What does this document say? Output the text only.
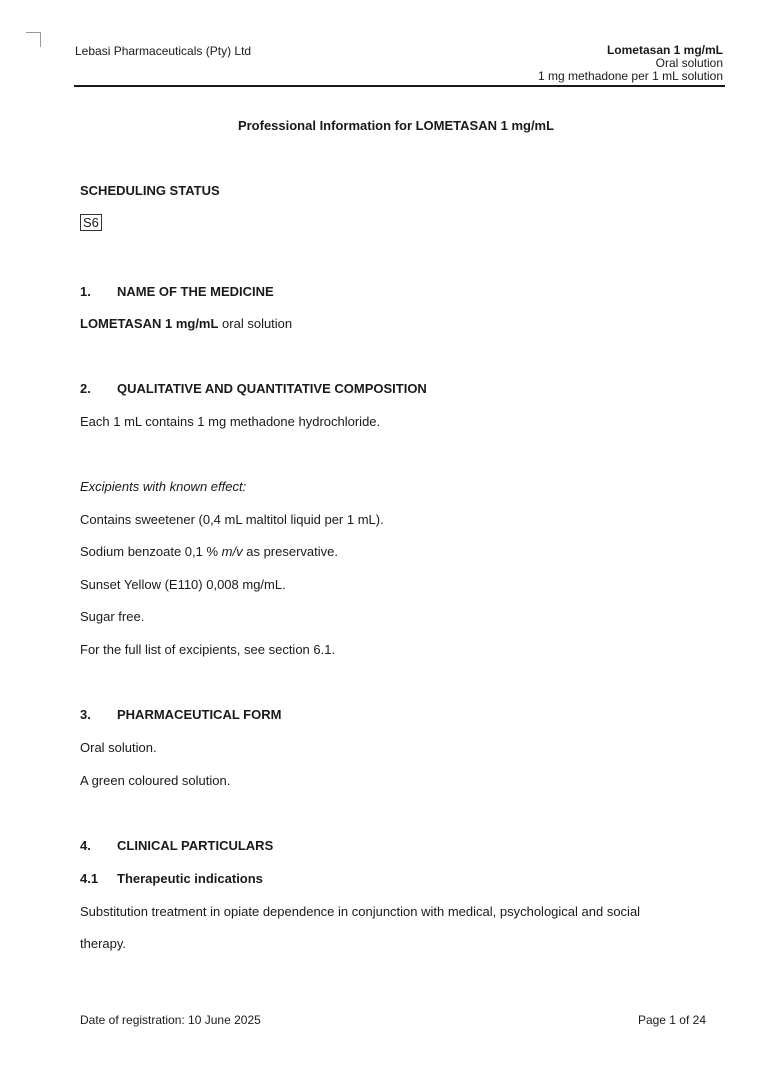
Lebasi Pharmaceuticals (Pty) Ltd	Lometasan 1 mg/mL
Oral solution
1 mg methadone per 1 mL solution
Professional Information for LOMETASAN 1 mg/mL
SCHEDULING STATUS
S6
1. NAME OF THE MEDICINE
LOMETASAN 1 mg/mL oral solution
2. QUALITATIVE AND QUANTITATIVE COMPOSITION
Each 1 mL contains 1 mg methadone hydrochloride.
Excipients with known effect:
Contains sweetener (0,4 mL maltitol liquid per 1 mL).
Sodium benzoate 0,1 % m/v as preservative.
Sunset Yellow (E110) 0,008 mg/mL.
Sugar free.
For the full list of excipients, see section 6.1.
3. PHARMACEUTICAL FORM
Oral solution.
A green coloured solution.
4. CLINICAL PARTICULARS
4.1 Therapeutic indications
Substitution treatment in opiate dependence in conjunction with medical, psychological and social
therapy.
Date of registration: 10 June 2025	Page 1 of 24
